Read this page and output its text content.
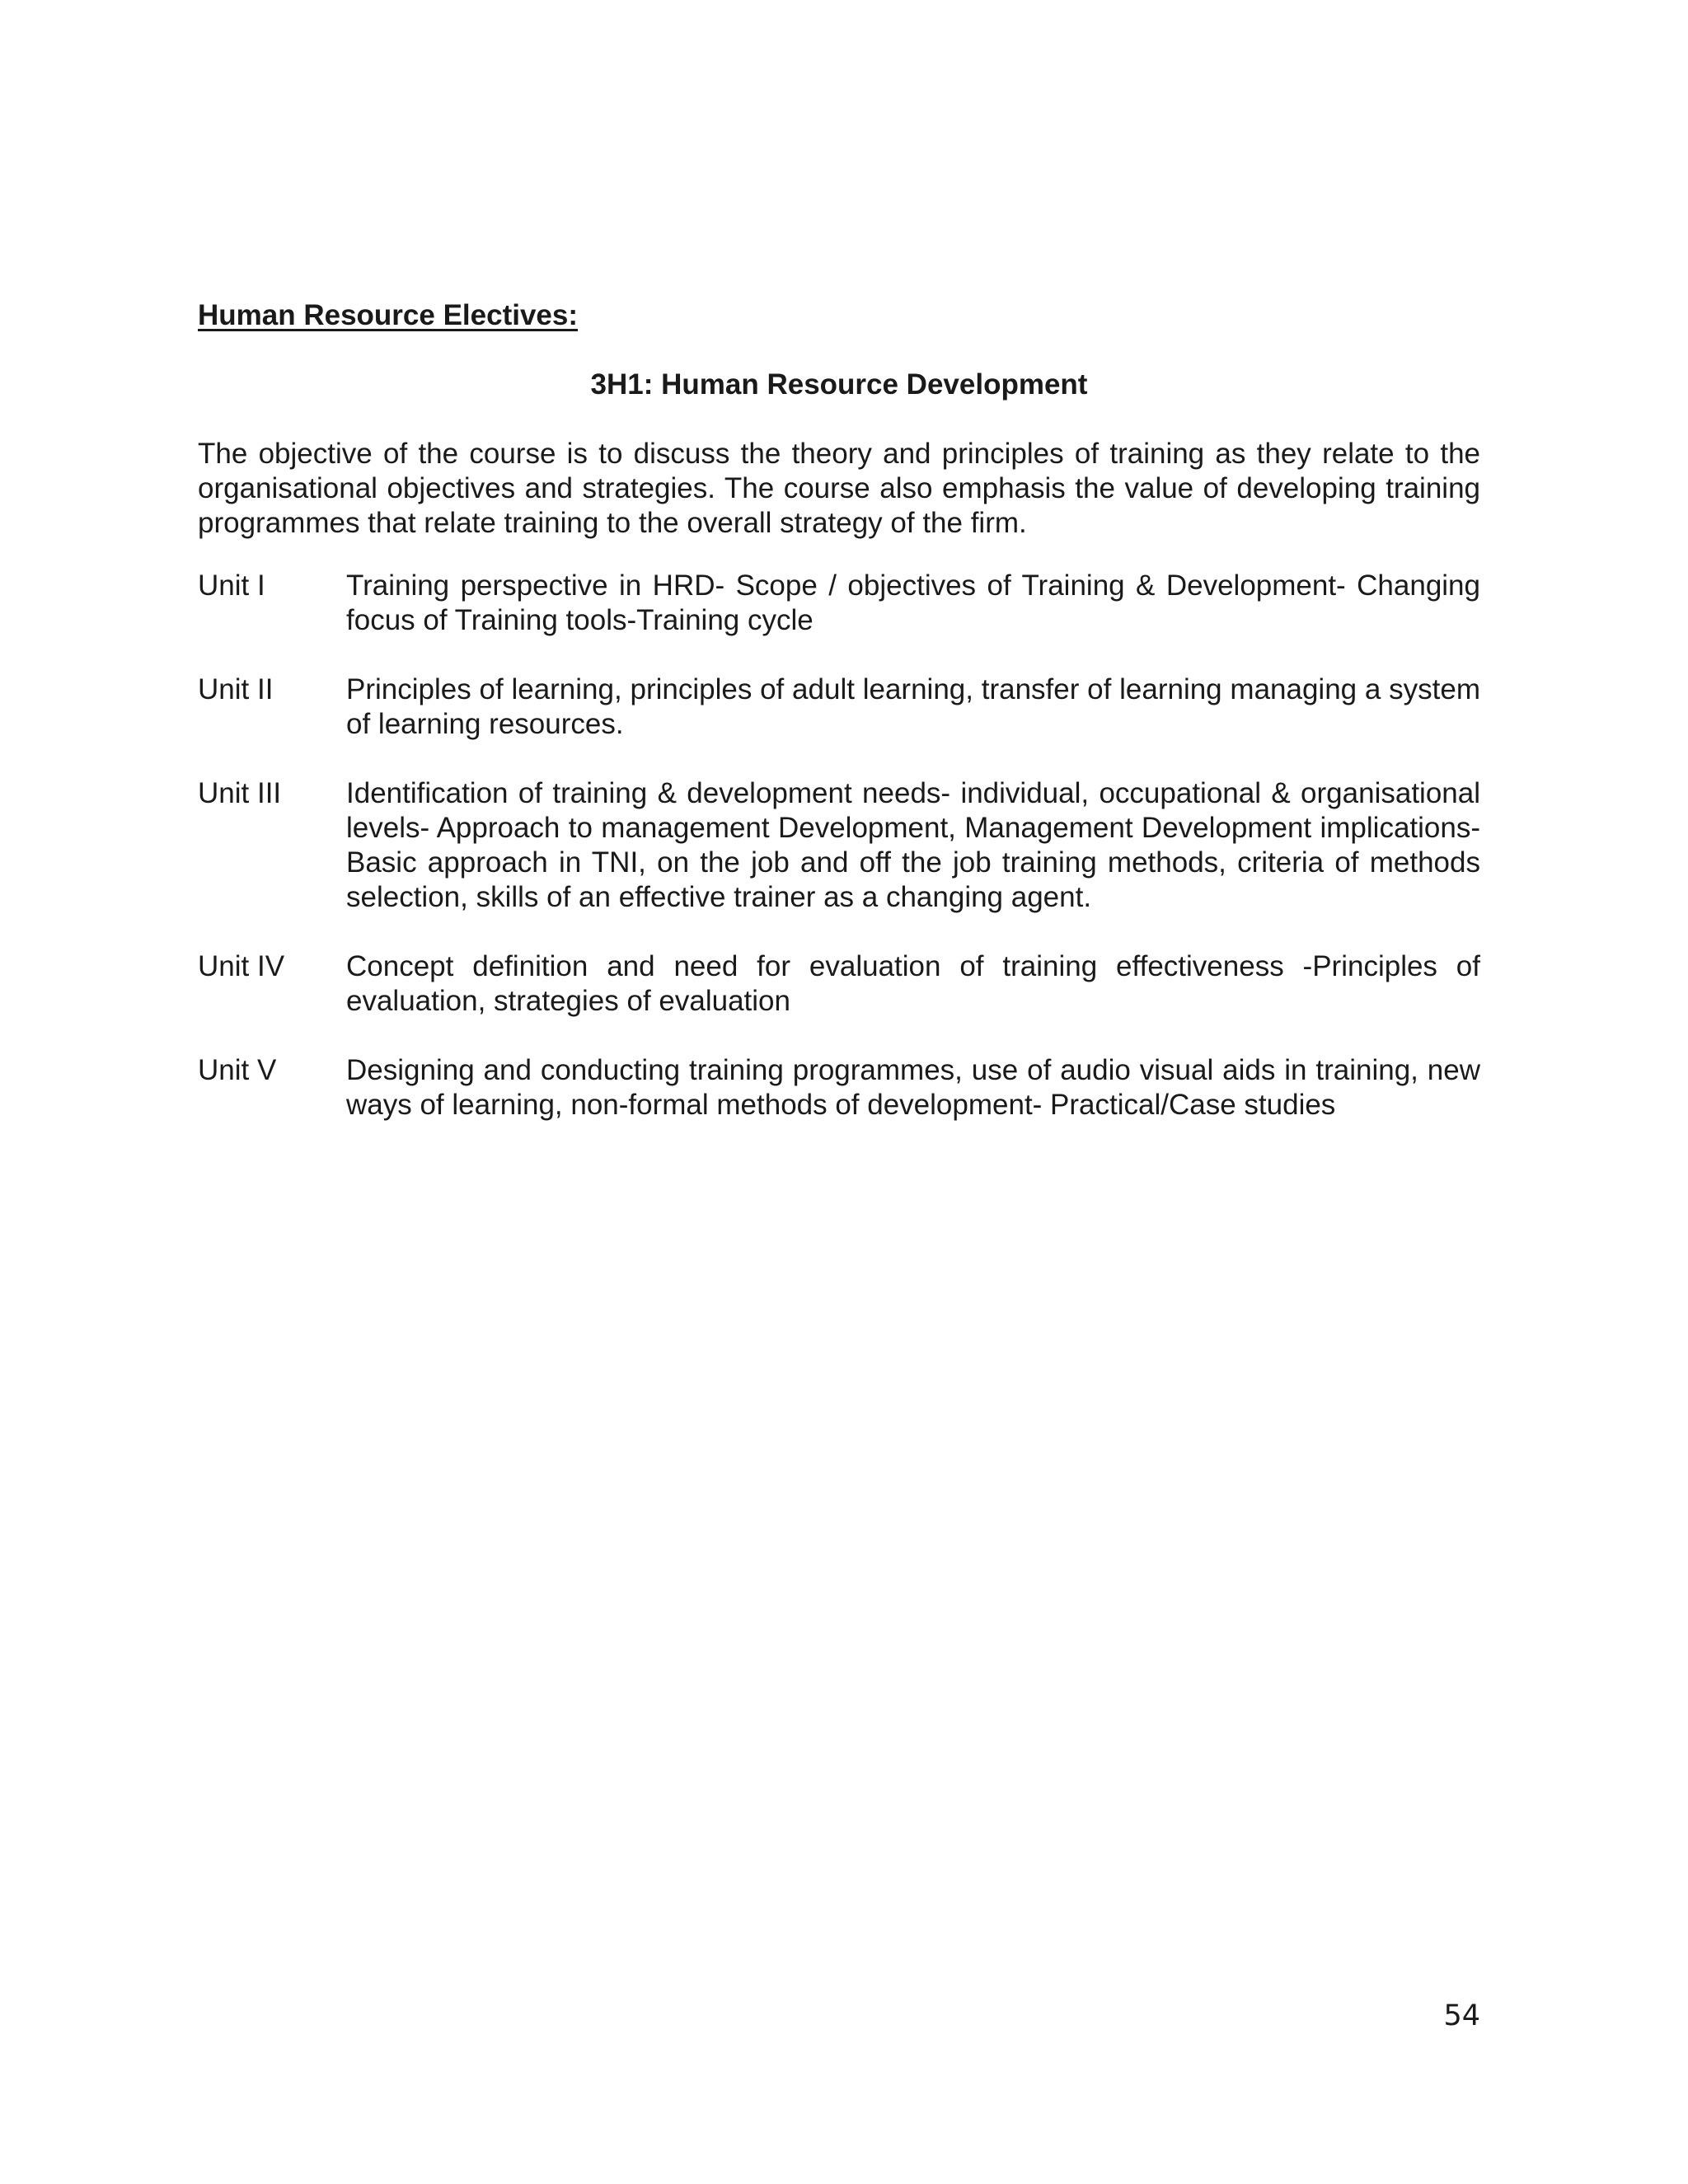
Human Resource Electives:
3H1: Human Resource Development

The objective of the course is to discuss the theory and principles of training as they relate to the organisational objectives and strategies. The course also emphasis the value of developing training programmes that relate training to the overall strategy of the firm.

Unit I	Training perspective in HRD- Scope / objectives of Training & Development- Changing focus of Training tools-Training cycle
Unit II	Principles of learning, principles of adult learning, transfer of learning managing a system of learning resources.
Unit III	Identification of training & development needs- individual, occupational & organisational levels- Approach to management Development, Management Development implications- Basic approach in TNI, on the job and off the job training methods, criteria of methods selection, skills of an effective trainer as a changing agent.
Unit IV	Concept definition and need for evaluation of training effectiveness -Principles of evaluation, strategies of evaluation
Unit V	Designing and conducting training programmes, use of audio visual aids in training, new ways of learning, non-formal methods of development- Practical/Case studies
54
